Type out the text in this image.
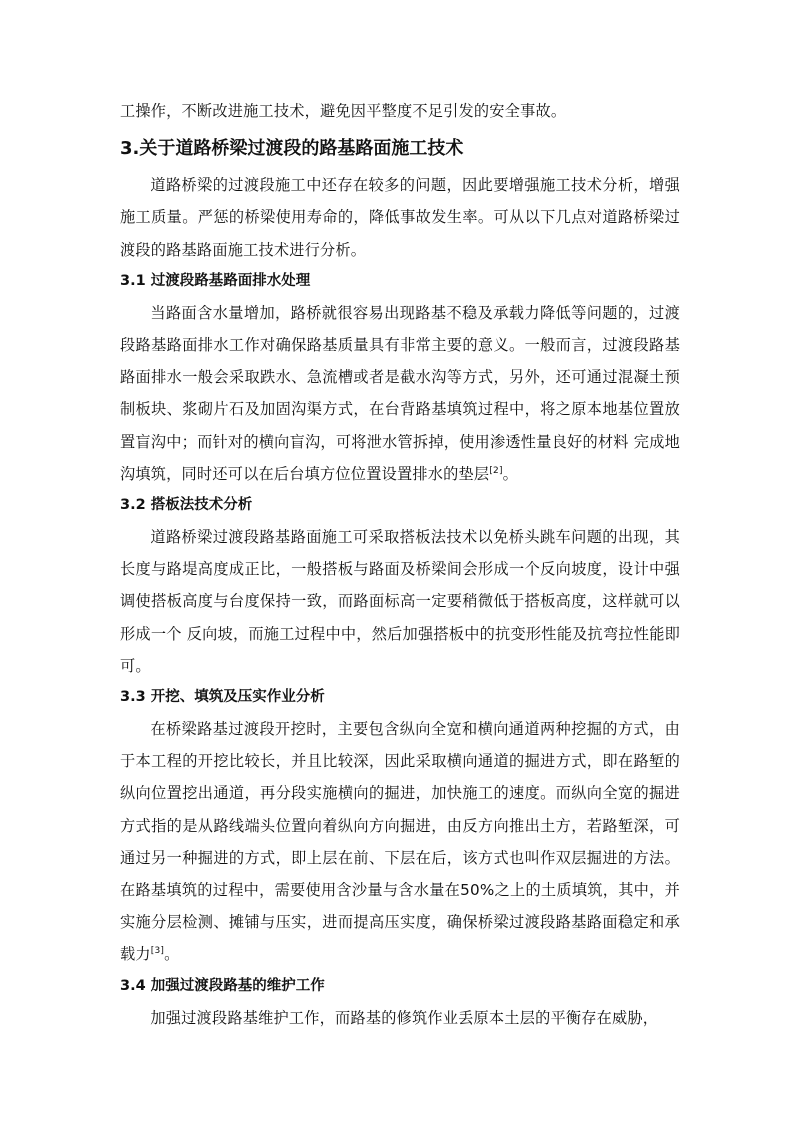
工操作，不断改进施工技术，避免因平整度不足引发的安全事故。

3.关于道路桥梁过渡段的路基路面施工技术

道路桥梁的过渡段施工中还存在较多的问题，因此要增强施工技术分析，增强施工质量。严惩的桥梁使用寿命的，降低事故发生率。可从以下几点对道路桥梁过渡段的路基路面施工技术进行分析。

3.1 过渡段路基路面排水处理

当路面含水量增加，路桥就很容易出现路基不稳及承载力降低等问题的，过渡段路基路面排水工作对确保路基质量具有非常主要的意义。一般而言，过渡段路基路面排水一般会采取跌水、急流槽或者是截水沟等方式，另外，还可通过混凝土预制板块、浆砌片石及加固沟渠方式，在台背路基填筑过程中，将之原本地基位置放置盲沟中；而针对的横向盲沟，可将泄水管拆掉，使用渗透性量良好的材料 完成地沟填筑，同时还可以在后台填方位位置设置排水的垫层[2]。

3.2 搭板法技术分析

道路桥梁过渡段路基路面施工可采取搭板法技术以免桥头跳车问题的出现，其长度与路堤高度成正比，一般搭板与路面及桥梁间会形成一个反向坡度，设计中强调使搭板高度与台度保持一致，而路面标高一定要稍微低于搭板高度，这样就可以形成一个 反向坡，而施工过程中中，然后加强搭板中的抗变形性能及抗弯拉性能即可。

3.3 开挖、填筑及压实作业分析

在桥梁路基过渡段开挖时，主要包含纵向全宽和横向通道两种挖掘的方式，由于本工程的开挖比较长，并且比较深，因此采取横向通道的掘进方式，即在路堑的纵向位置挖出通道，再分段实施横向的掘进，加快施工的速度。而纵向全宽的掘进方式指的是从路线端头位置向着纵向方向掘进，由反方向推出土方，若路堑深，可通过另一种掘进的方式，即上层在前、下层在后，该方式也叫作双层掘进的方法。在路基填筑的过程中，需要使用含沙量与含水量在50%之上的土质填筑，其中，并实施分层检测、摊铺与压实，进而提高压实度，确保桥梁过渡段路基路面稳定和承载力[3]。

3.4 加强过渡段路基的维护工作

加强过渡段路基维护工作，而路基的修筑作业丢原本土层的平衡存在威胁，
